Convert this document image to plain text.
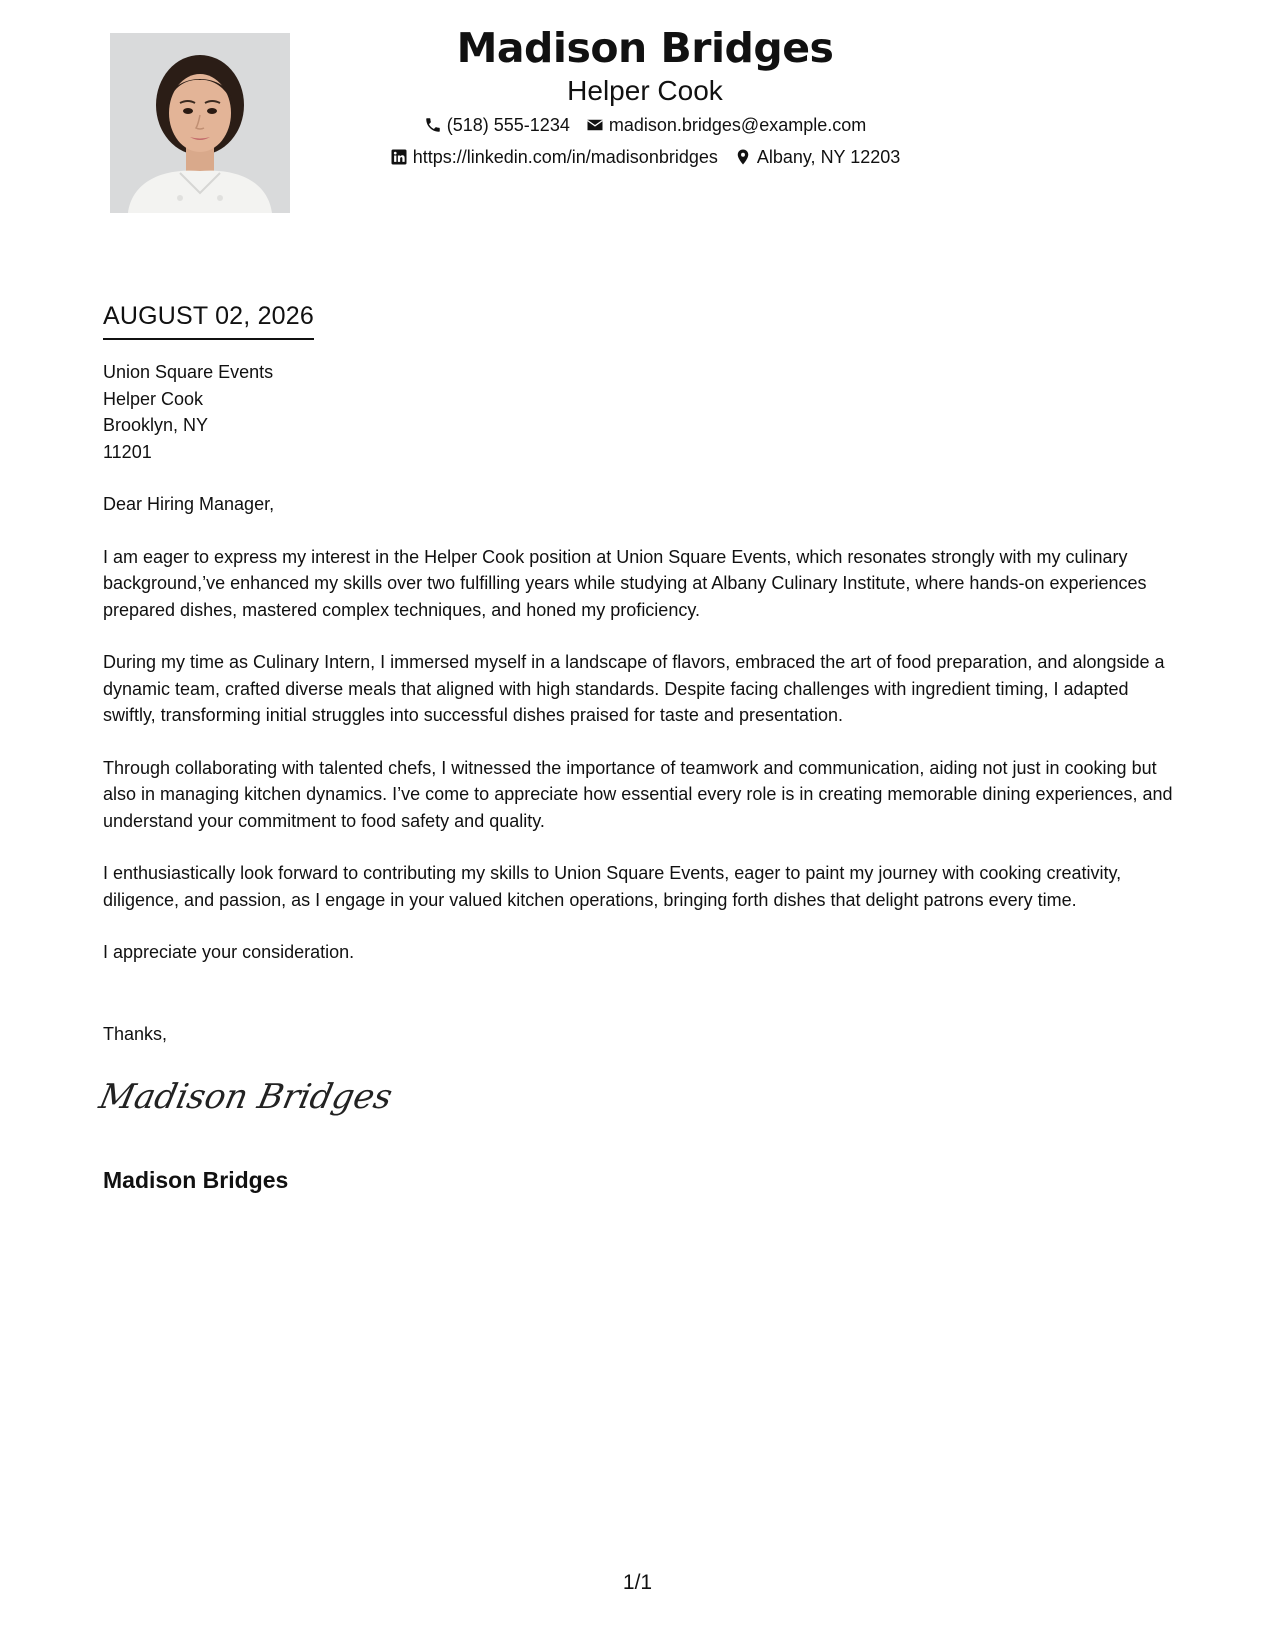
Madison Bridges
Helper Cook
(518) 555-1234 madison.bridges@example.com
https://linkedin.com/in/madisonbridges Albany, NY 12203
AUGUST 02, 2026
Union Square Events
Helper Cook
Brooklyn, NY
11201

Dear Hiring Manager,

I am eager to express my interest in the Helper Cook position at Union Square Events, which resonates strongly with my culinary background,’ve enhanced my skills over two fulfilling years while studying at Albany Culinary Institute, where hands-on experiences prepared dishes, mastered complex techniques, and honed my proficiency.

During my time as Culinary Intern, I immersed myself in a landscape of flavors, embraced the art of food preparation, and alongside a dynamic team, crafted diverse meals that aligned with high standards. Despite facing challenges with ingredient timing, I adapted swiftly, transforming initial struggles into successful dishes praised for taste and presentation.

Through collaborating with talented chefs, I witnessed the importance of teamwork and communication, aiding not just in cooking but also in managing kitchen dynamics. I’ve come to appreciate how essential every role is in creating memorable dining experiences, and understand your commitment to food safety and quality.

I enthusiastically look forward to contributing my skills to Union Square Events, eager to paint my journey with cooking creativity, diligence, and passion, as I engage in your valued kitchen operations, bringing forth dishes that delight patrons every time.

I appreciate your consideration.

Thanks,
Madison Bridges
Madison Bridges
1/1
